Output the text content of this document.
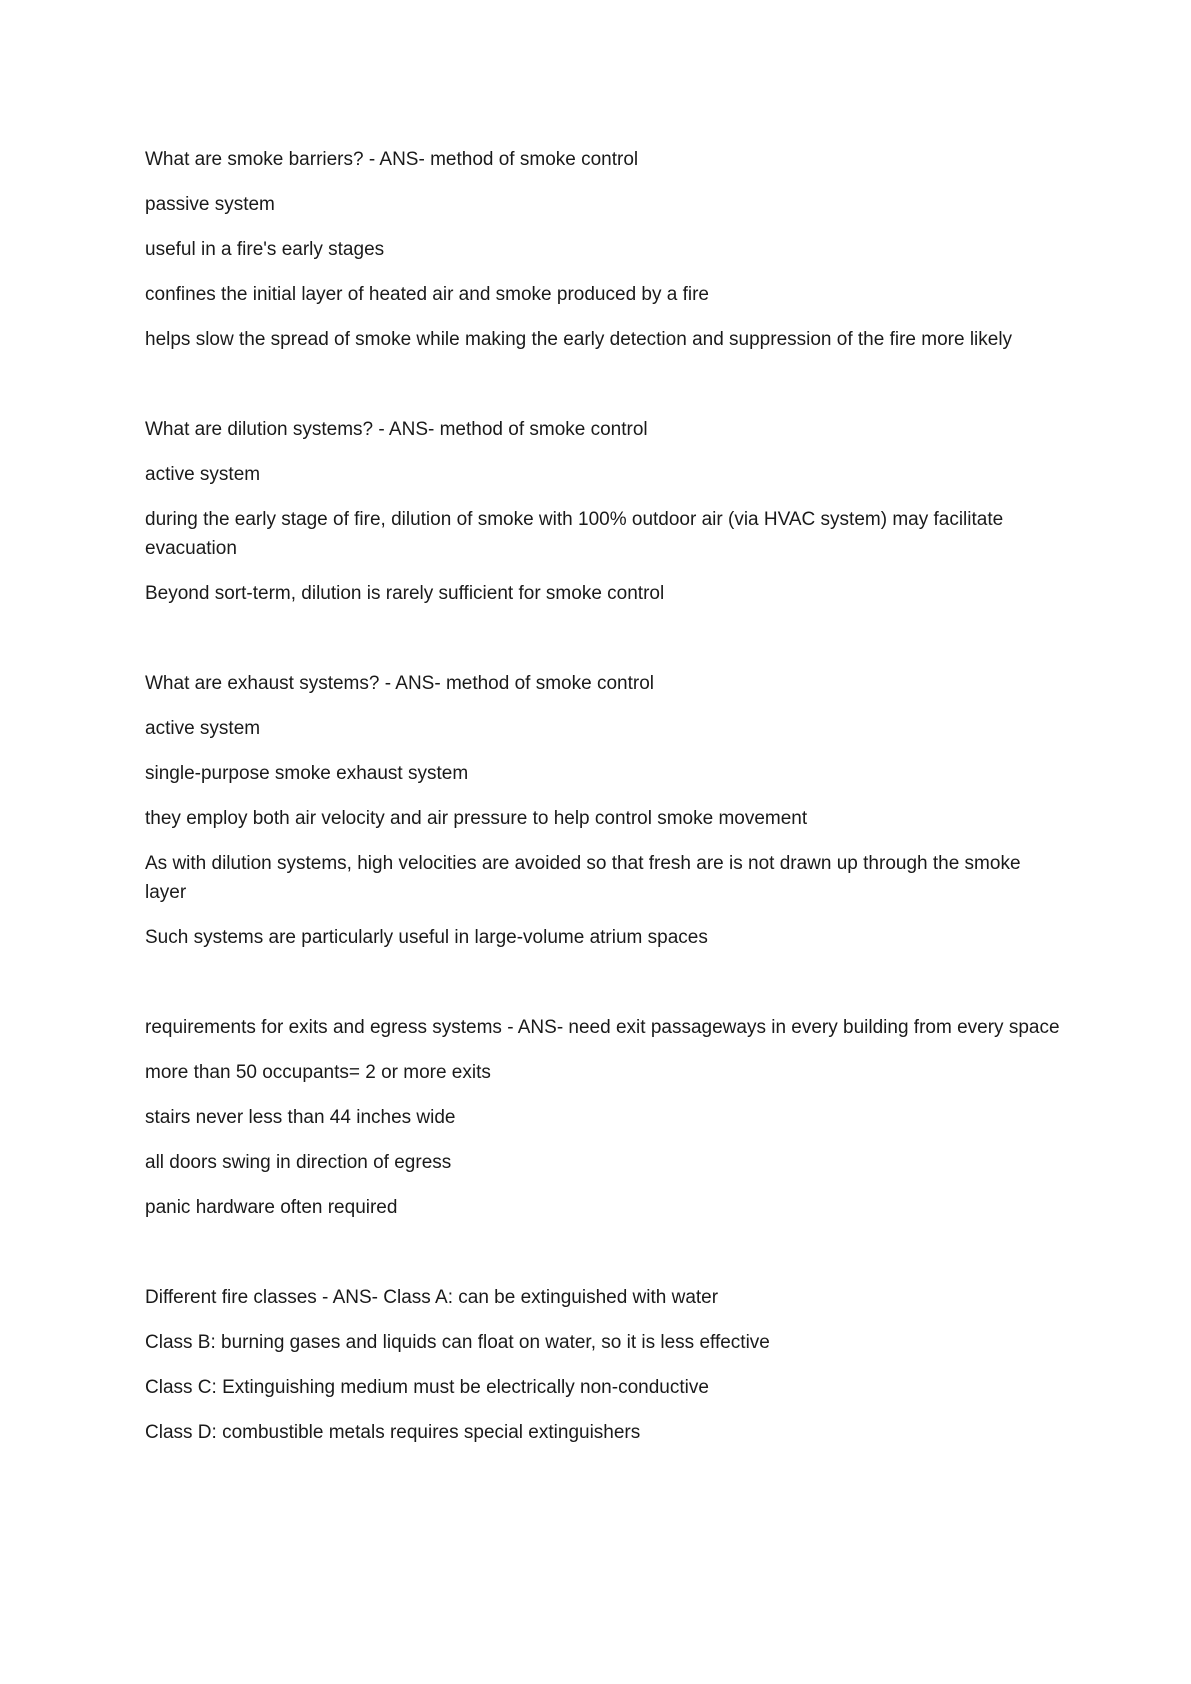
What are smoke barriers? - ANS- method of smoke control

passive system

useful in a fire's early stages

confines the initial layer of heated air and smoke produced by a fire

helps slow the spread of smoke while making the early detection and suppression of the fire more likely

What are dilution systems? - ANS- method of smoke control

active system

during the early stage of fire, dilution of smoke with 100% outdoor air (via HVAC system) may facilitate evacuation

Beyond sort-term, dilution is rarely sufficient for smoke control

What are exhaust systems? - ANS- method of smoke control

active system

single-purpose smoke exhaust system

they employ both air velocity and air pressure to help control smoke movement

As with dilution systems, high velocities are avoided so that fresh are is not drawn up through the smoke layer

Such systems are particularly useful in large-volume atrium spaces

requirements for exits and egress systems - ANS- need exit passageways in every building from every space

more than 50 occupants= 2 or more exits

stairs never less than 44 inches wide

all doors swing in direction of egress

panic hardware often required

Different fire classes - ANS- Class A: can be extinguished with water

Class B: burning gases and liquids can float on water, so it is less effective

Class C: Extinguishing medium must be electrically non-conductive

Class D: combustible metals requires special extinguishers
